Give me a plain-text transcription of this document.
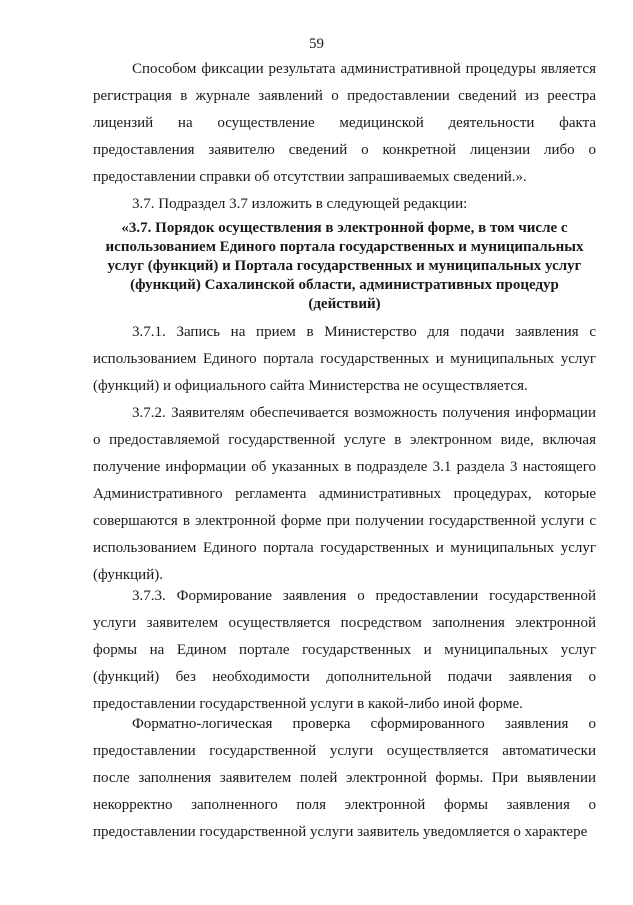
59

Способом фиксации результата административной процедуры является регистрация в журнале заявлений о предоставлении сведений из реестра лицензий на осуществление медицинской деятельности факта предоставления заявителю сведений о конкретной лицензии либо о предоставлении справки об отсутствии запрашиваемых сведений.».

3.7. Подраздел 3.7 изложить в следующей редакции:

«3.7. Порядок осуществления в электронной форме, в том числе с использованием Единого портала государственных и муниципальных услуг (функций) и Портала государственных и муниципальных услуг (функций) Сахалинской области, административных процедур (действий)

3.7.1. Запись на прием в Министерство для подачи заявления с использованием Единого портала государственных и муниципальных услуг (функций) и официального сайта Министерства не осуществляется.

3.7.2. Заявителям обеспечивается возможность получения информации о предоставляемой государственной услуге в электронном виде, включая получение информации об указанных в подразделе 3.1 раздела 3 настоящего Административного регламента административных процедурах, которые совершаются в электронной форме при получении государственной услуги с использованием Единого портала государственных и муниципальных услуг (функций).

3.7.3. Формирование заявления о предоставлении государственной услуги заявителем осуществляется посредством заполнения электронной формы на Едином портале государственных и муниципальных услуг (функций) без необходимости дополнительной подачи заявления о предоставлении государственной услуги в какой-либо иной форме.

Форматно-логическая проверка сформированного заявления о предоставлении государственной услуги осуществляется автоматически после заполнения заявителем полей электронной формы. При выявлении некорректно заполненного поля электронной формы заявления о предоставлении государственной услуги заявитель уведомляется о характере
